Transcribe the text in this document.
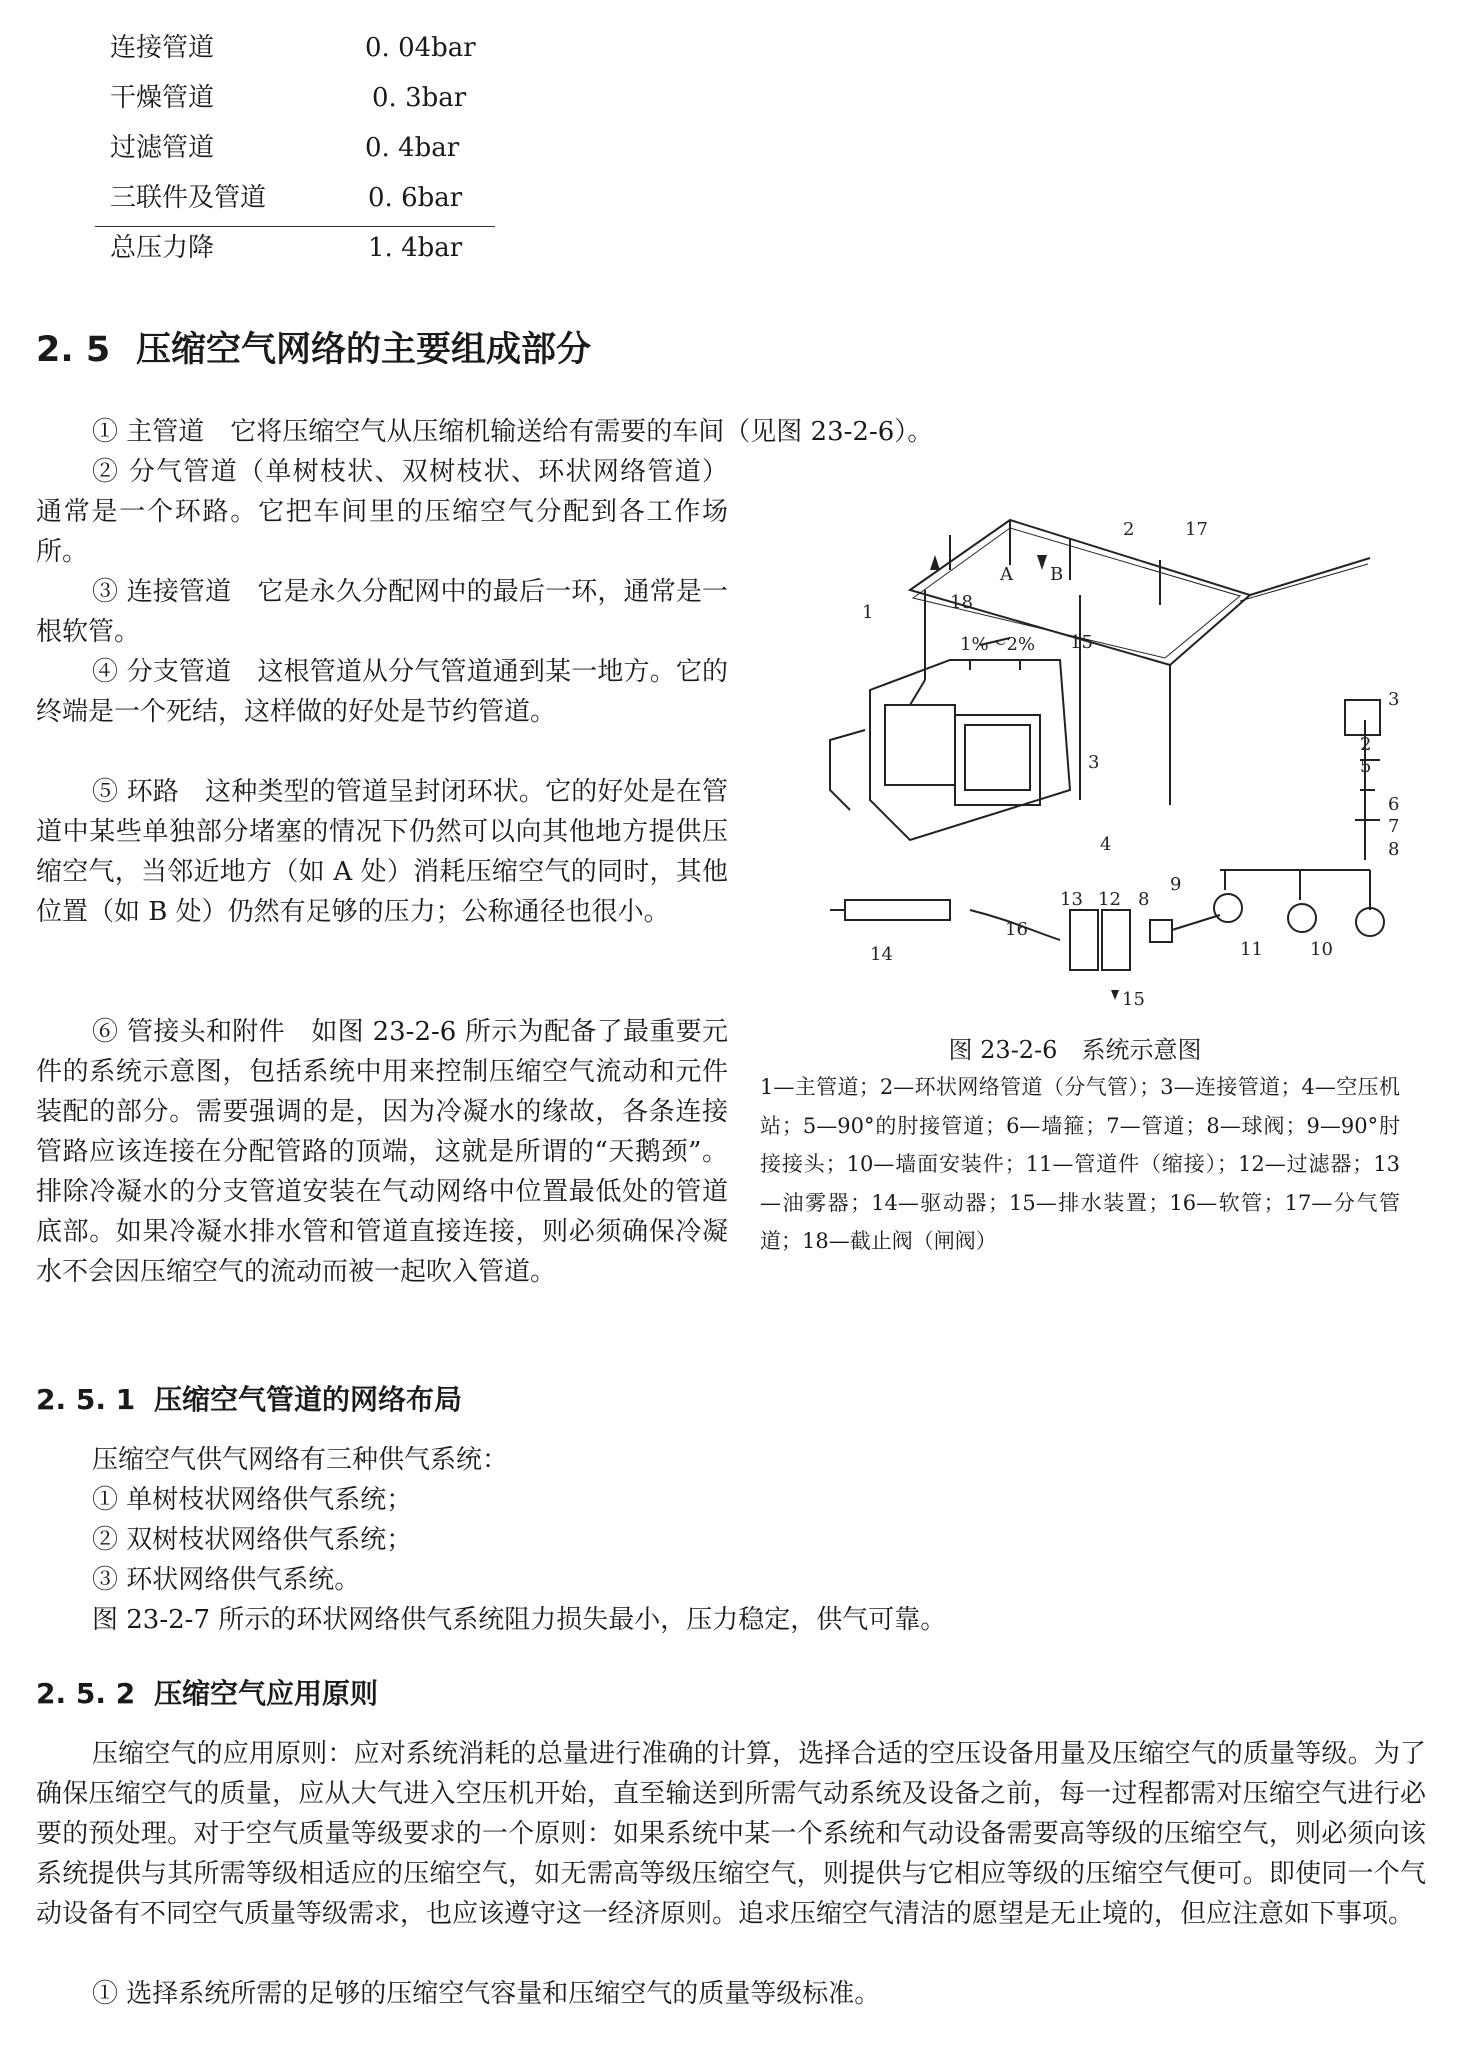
连接管道	0. 04bar
干燥管道	0. 3bar
过滤管道	0. 4bar
三联件及管道	0. 6bar
总压力降	1. 4bar
2. 5 压缩空气网络的主要组成部分
① 主管道　它将压缩空气从压缩机输送给有需要的车间（见图 23-2-6）。
② 分气管道（单树枝状、双树枝状、环状网络管道） 通常是一个环路。它把车间里的压缩空气分配到各工作场所。
③ 连接管道　它是永久分配网中的最后一环，通常是一根软管。
④ 分支管道　这根管道从分气管道通到某一地方。它的终端是一个死结，这样做的好处是节约管道。
⑤ 环路　这种类型的管道呈封闭环状。它的好处是在管道中某些单独部分堵塞的情况下仍然可以向其他地方提供压缩空气，当邻近地方（如 A 处）消耗压缩空气的同时，其他位置（如 B 处）仍然有足够的压力；公称通径也很小。
⑥ 管接头和附件　如图 23-2-6 所示为配备了最重要元件的系统示意图，包括系统中用来控制压缩空气流动和元件装配的部分。需要强调的是，因为冷凝水的缘故，各条连接管路应该连接在分配管路的顶端，这就是所谓的“天鹅颈”。排除冷凝水的分支管道安装在气动网络中位置最低处的管道底部。如果冷凝水排水管和管道直接连接，则必须确保冷凝水不会因压缩空气的流动而被一起吹入管道。
1
2	17
3
2
5
6
7
8
18
1%～2% 15
3
4
9
13 12 8
16
14
15
11	10
A B
图 23-2-6　系统示意图
1—主管道；2—环状网络管道（分气管）；3—连接管道；4—空压机站；5—90°的肘接管道；6—墙箍；7—管道；8—球阀；9—90°肘接接头；10—墙面安装件；11—管道件（缩接）；12—过滤器；13—油雾器；14—驱动器；15—排水装置；16—软管；17—分气管道；18—截止阀（闸阀）
2. 5. 1 压缩空气管道的网络布局
压缩空气供气网络有三种供气系统：
① 单树枝状网络供气系统；
② 双树枝状网络供气系统；
③ 环状网络供气系统。
图 23-2-7 所示的环状网络供气系统阻力损失最小，压力稳定，供气可靠。
2. 5. 2 压缩空气应用原则
压缩空气的应用原则：应对系统消耗的总量进行准确的计算，选择合适的空压设备用量及压缩空气的质量等级。为了确保压缩空气的质量，应从大气进入空压机开始，直至输送到所需气动系统及设备之前，每一过程都需对压缩空气进行必要的预处理。对于空气质量等级要求的一个原则：如果系统中某一个系统和气动设备需要高等级的压缩空气，则必须向该系统提供与其所需等级相适应的压缩空气，如无需高等级压缩空气，则提供与它相应等级的压缩空气便可。即使同一个气动设备有不同空气质量等级需求，也应该遵守这一经济原则。追求压缩空气清洁的愿望是无止境的，但应注意如下事项。
① 选择系统所需的足够的压缩空气容量和压缩空气的质量等级标准。
